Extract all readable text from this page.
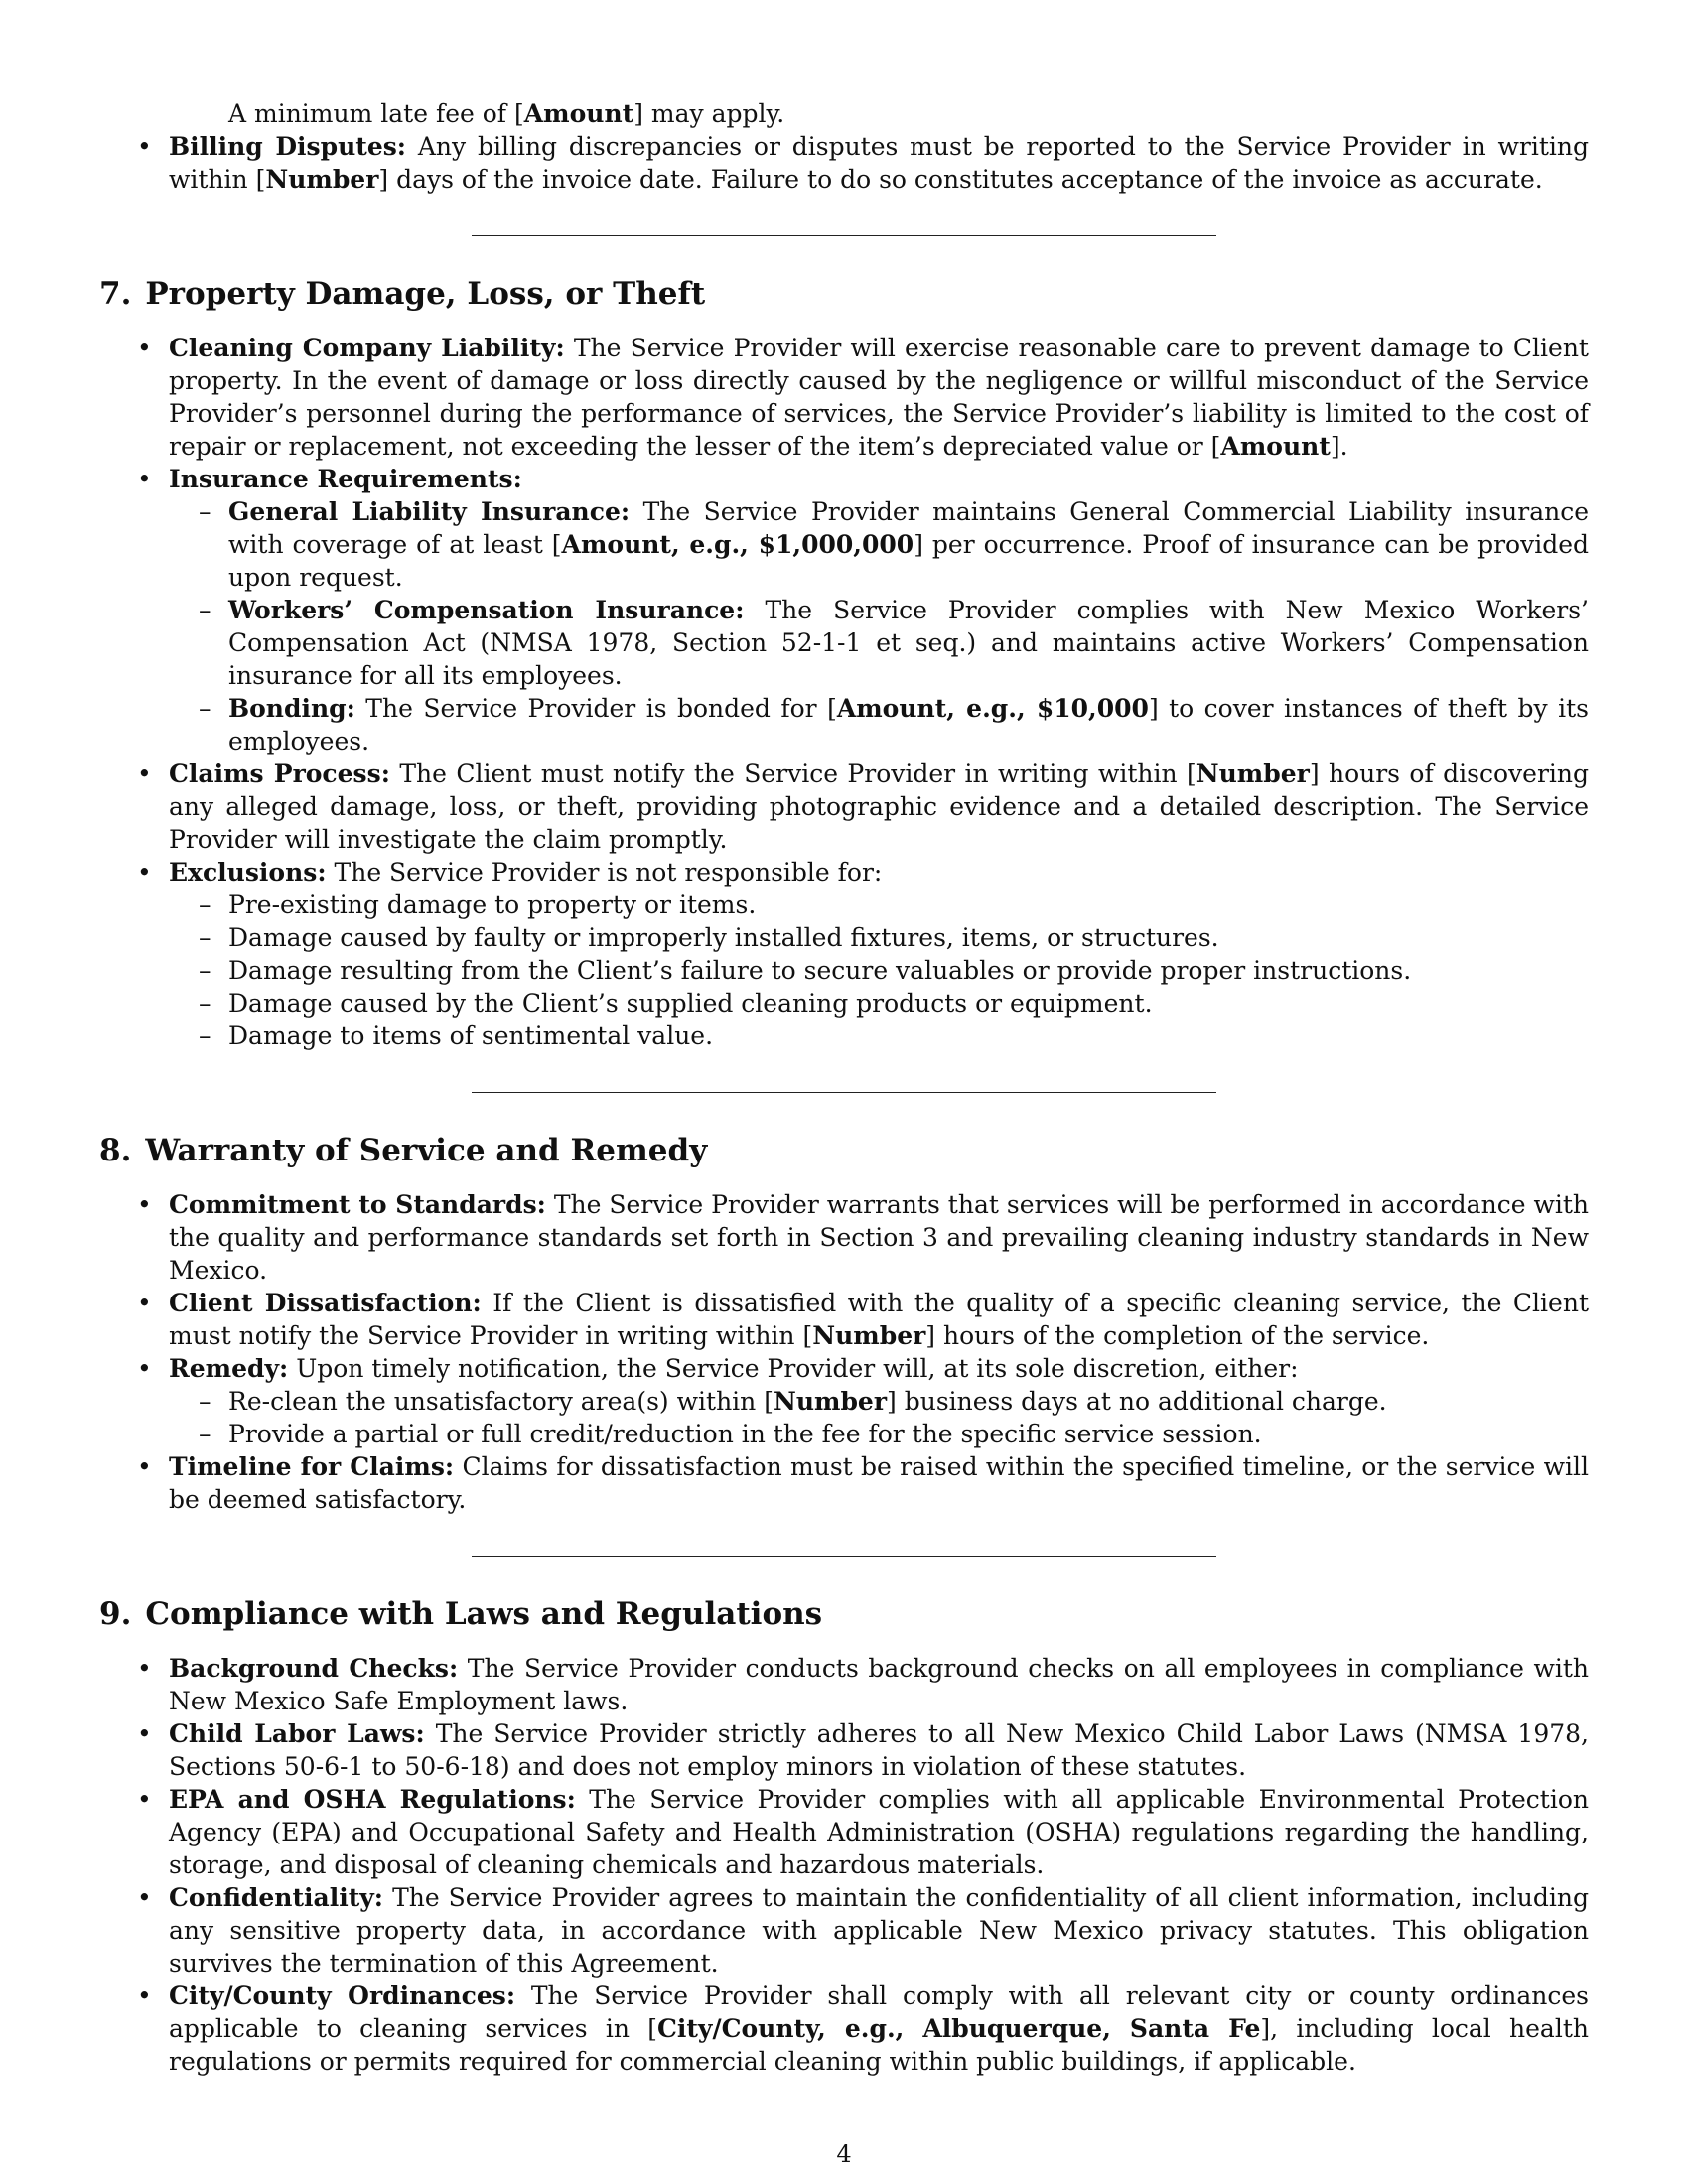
A minimum late fee of [Amount] may apply.
• Billing Disputes: Any billing discrepancies or disputes must be reported to the Service Provider in writing within [Number] days of the invoice date. Failure to do so constitutes acceptance of the invoice as accurate.
7. Property Damage, Loss, or Theft
• Cleaning Company Liability: The Service Provider will exercise reasonable care to prevent damage to Client property. In the event of damage or loss directly caused by the negligence or willful misconduct of the Service Provider’s personnel during the performance of services, the Service Provider’s liability is limited to the cost of repair or replacement, not exceeding the lesser of the item’s depreciated value or [Amount].
• Insurance Requirements:
– General Liability Insurance: The Service Provider maintains General Commercial Liability insurance with coverage of at least [Amount, e.g., $1,000,000] per occurrence. Proof of insurance can be provided upon request.
– Workers’ Compensation Insurance: The Service Provider complies with New Mexico Workers’ Compensation Act (NMSA 1978, Section 52-1-1 et seq.) and maintains active Workers’ Compensation insurance for all its employees.
– Bonding: The Service Provider is bonded for [Amount, e.g., $10,000] to cover instances of theft by its employees.
• Claims Process: The Client must notify the Service Provider in writing within [Number] hours of discovering any alleged damage, loss, or theft, providing photographic evidence and a detailed description. The Service Provider will investigate the claim promptly.
• Exclusions: The Service Provider is not responsible for:
– Pre-existing damage to property or items.
– Damage caused by faulty or improperly installed fixtures, items, or structures.
– Damage resulting from the Client’s failure to secure valuables or provide proper instructions.
– Damage caused by the Client’s supplied cleaning products or equipment.
– Damage to items of sentimental value.
8. Warranty of Service and Remedy
• Commitment to Standards: The Service Provider warrants that services will be performed in accordance with the quality and performance standards set forth in Section 3 and prevailing cleaning industry standards in New Mexico.
• Client Dissatisfaction: If the Client is dissatisfied with the quality of a specific cleaning service, the Client must notify the Service Provider in writing within [Number] hours of the completion of the service.
• Remedy: Upon timely notification, the Service Provider will, at its sole discretion, either:
– Re-clean the unsatisfactory area(s) within [Number] business days at no additional charge.
– Provide a partial or full credit/reduction in the fee for the specific service session.
• Timeline for Claims: Claims for dissatisfaction must be raised within the specified timeline, or the service will be deemed satisfactory.
9. Compliance with Laws and Regulations
• Background Checks: The Service Provider conducts background checks on all employees in compliance with New Mexico Safe Employment laws.
• Child Labor Laws: The Service Provider strictly adheres to all New Mexico Child Labor Laws (NMSA 1978, Sections 50-6-1 to 50-6-18) and does not employ minors in violation of these statutes.
• EPA and OSHA Regulations: The Service Provider complies with all applicable Environmental Protection Agency (EPA) and Occupational Safety and Health Administration (OSHA) regulations regarding the handling, storage, and disposal of cleaning chemicals and hazardous materials.
• Confidentiality: The Service Provider agrees to maintain the confidentiality of all client information, including any sensitive property data, in accordance with applicable New Mexico privacy statutes. This obligation survives the termination of this Agreement.
• City/County Ordinances: The Service Provider shall comply with all relevant city or county ordinances applicable to cleaning services in [City/County, e.g., Albuquerque, Santa Fe], including local health regulations or permits required for commercial cleaning within public buildings, if applicable.
4
